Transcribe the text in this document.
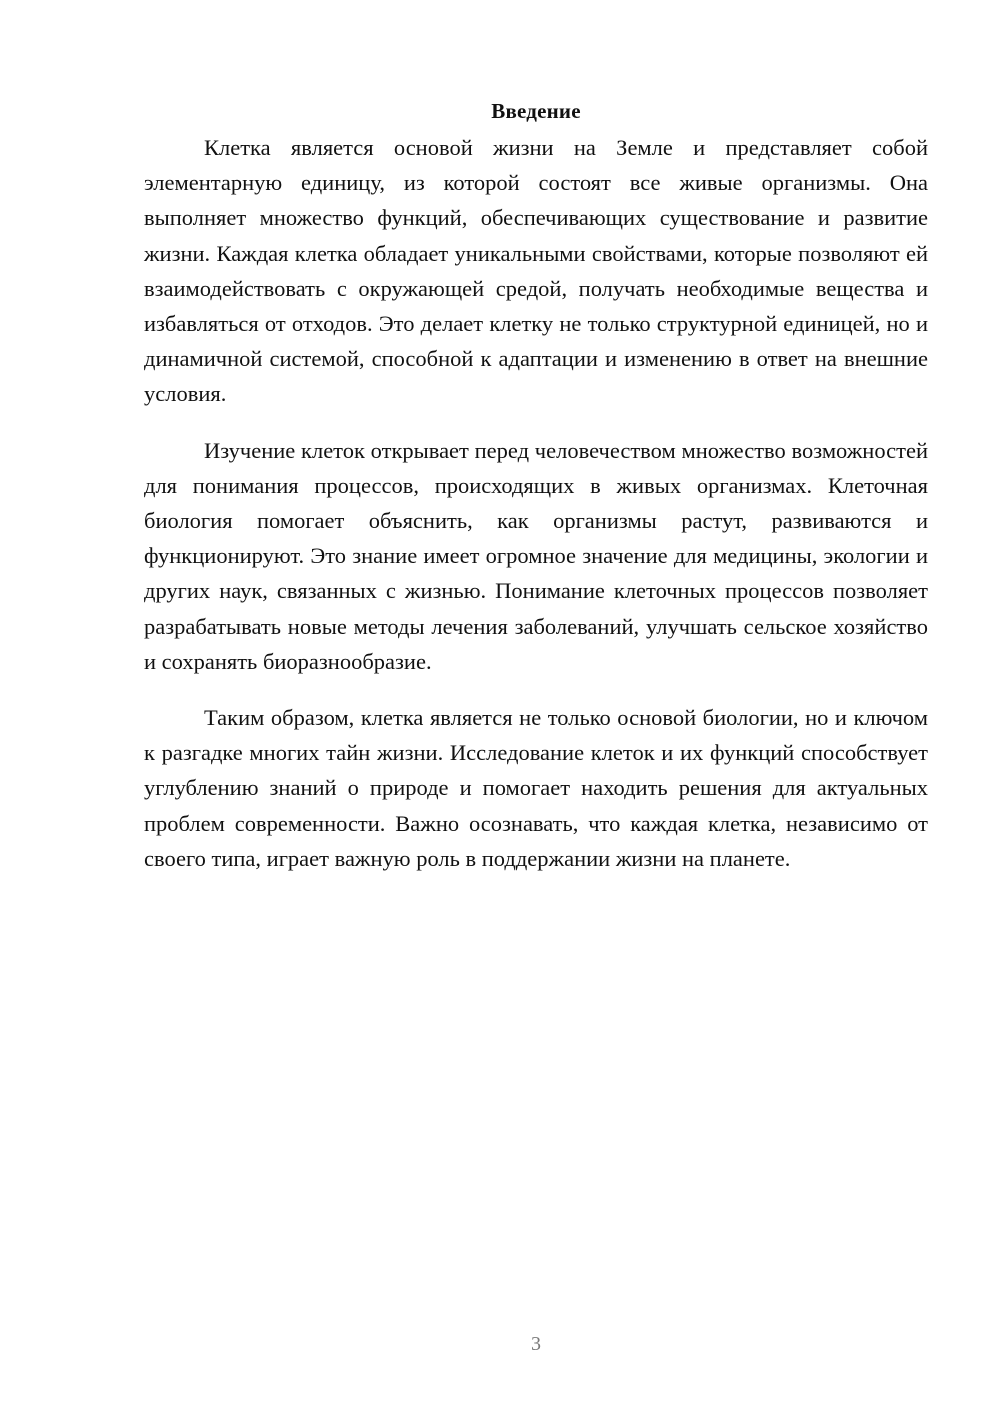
Введение

Клетка является основой жизни на Земле и представляет собой элементарную единицу, из которой состоят все живые организмы. Она выполняет множество функций, обеспечивающих существование и развитие жизни. Каждая клетка обладает уникальными свойствами, которые позволяют ей взаимодействовать с окружающей средой, получать необходимые вещества и избавляться от отходов. Это делает клетку не только структурной единицей, но и динамичной системой, способной к адаптации и изменению в ответ на внешние условия.

Изучение клеток открывает перед человечеством множество возможностей для понимания процессов, происходящих в живых организмах. Клеточная биология помогает объяснить, как организмы растут, развиваются и функционируют. Это знание имеет огромное значение для медицины, экологии и других наук, связанных с жизнью. Понимание клеточных процессов позволяет разрабатывать новые методы лечения заболеваний, улучшать сельское хозяйство и сохранять биоразнообразие.

Таким образом, клетка является не только основой биологии, но и ключом к разгадке многих тайн жизни. Исследование клеток и их функций способствует углублению знаний о природе и помогает находить решения для актуальных проблем современности. Важно осознавать, что каждая клетка, независимо от своего типа, играет важную роль в поддержании жизни на планете.

3
